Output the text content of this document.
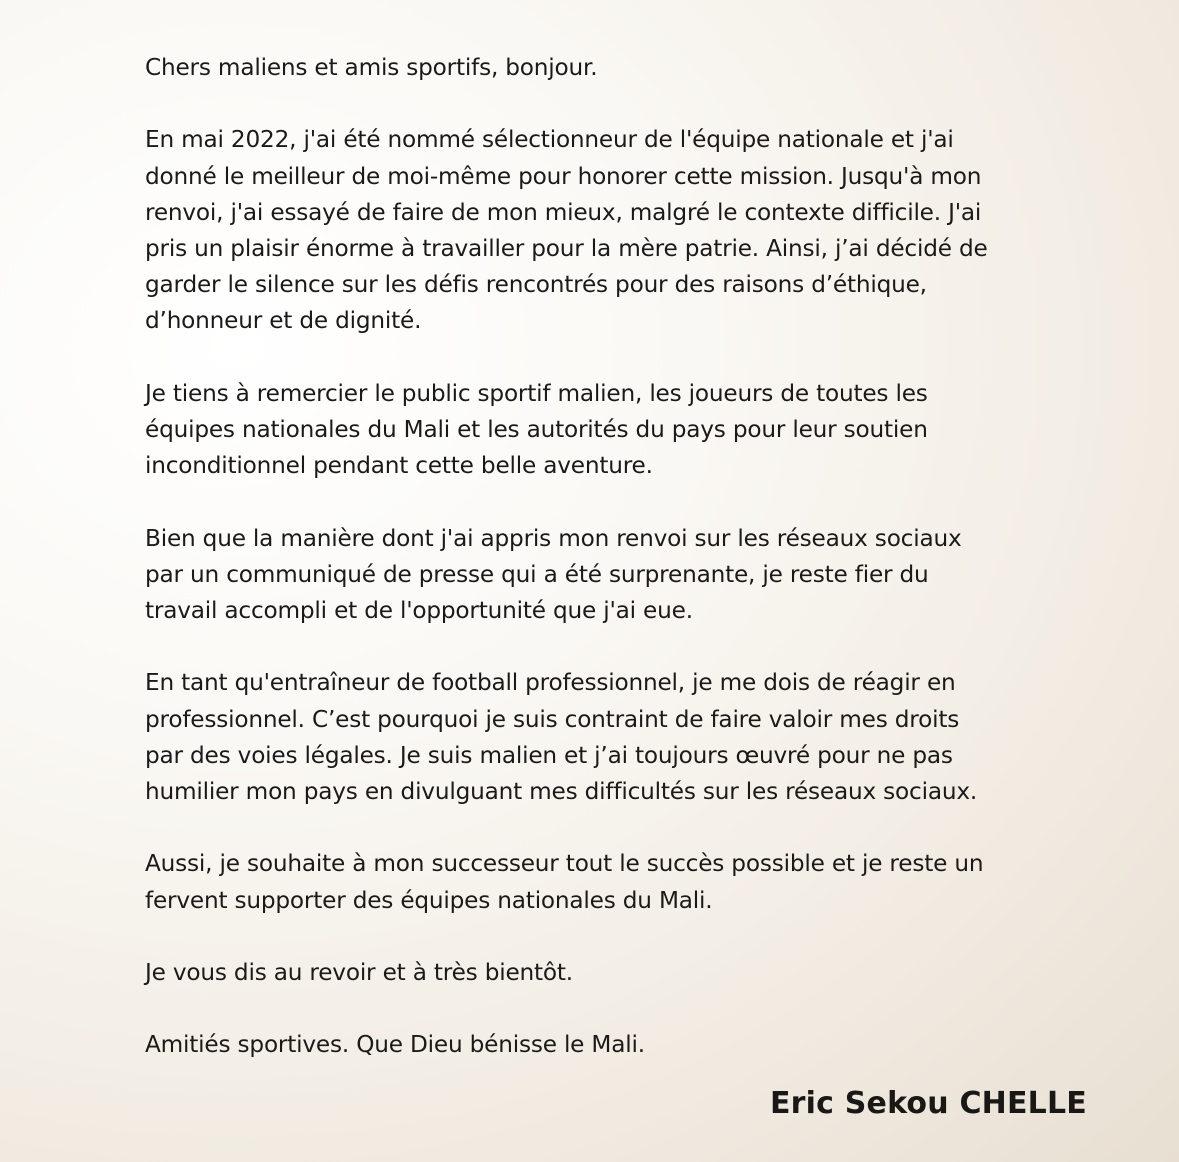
Chers maliens et amis sportifs, bonjour.

En mai 2022, j'ai été nommé sélectionneur de l'équipe nationale et j'ai
donné le meilleur de moi-même pour honorer cette mission. Jusqu'à mon
renvoi, j'ai essayé de faire de mon mieux, malgré le contexte difficile. J'ai
pris un plaisir énorme à travailler pour la mère patrie. Ainsi, j’ai décidé de
garder le silence sur les défis rencontrés pour des raisons d’éthique,
d’honneur et de dignité.

Je tiens à remercier le public sportif malien, les joueurs de toutes les
équipes nationales du Mali et les autorités du pays pour leur soutien
inconditionnel pendant cette belle aventure.

Bien que la manière dont j'ai appris mon renvoi sur les réseaux sociaux
par un communiqué de presse qui a été surprenante, je reste fier du
travail accompli et de l'opportunité que j'ai eue.

En tant qu'entraîneur de football professionnel, je me dois de réagir en
professionnel. C’est pourquoi je suis contraint de faire valoir mes droits
par des voies légales. Je suis malien et j’ai toujours œuvré pour ne pas
humilier mon pays en divulguant mes difficultés sur les réseaux sociaux.

Aussi, je souhaite à mon successeur tout le succès possible et je reste un
fervent supporter des équipes nationales du Mali.

Je vous dis au revoir et à très bientôt.

Amitiés sportives. Que Dieu bénisse le Mali.

Eric Sekou CHELLE
